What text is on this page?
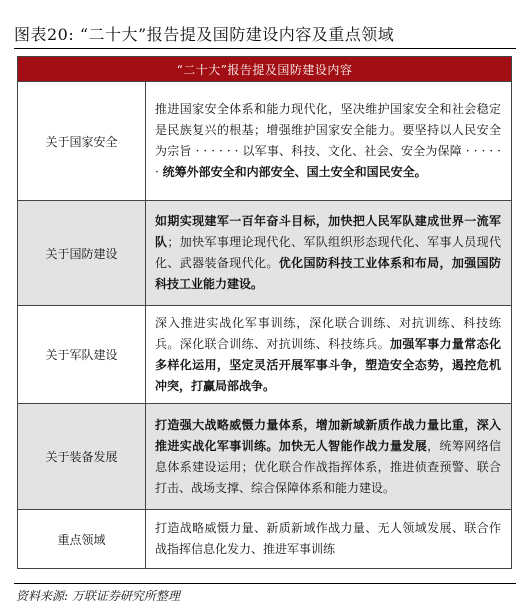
图表20: “二十大”报告提及国防建设内容及重点领域
“二十大”报告提及国防建设内容
关于国家安全

推进国家安全体系和能力现代化，坚决维护国家安全和社会稳定是民族复兴的根基；增强维护国家安全能力。要坚持以人民安全为宗旨 · · · · · · 以军事、科技、文化、社会、安全为保障 · · · · · · 统筹外部安全和内部安全、国土安全和国民安全。

关于国防建设

如期实现建军一百年奋斗目标，加快把人民军队建成世界一流军队；加快军事理论现代化、军队组织形态现代化、军事人员现代化、武器装备现代化。优化国防科技工业体系和布局，加强国防科技工业能力建设。

关于军队建设

深入推进实战化军事训练，深化联合训练、对抗训练、科技练兵。深化联合训练、对抗训练、科技练兵。加强军事力量常态化多样化运用，坚定灵活开展军事斗争，塑造安全态势，遏控危机冲突，打赢局部战争。

关于装备发展

打造强大战略威慑力量体系，增加新域新质作战力量比重，深入推进实战化军事训练。加快无人智能作战力量发展，统筹网络信息体系建设运用；优化联合作战指挥体系，推进侦查预警、联合打击、战场支撑、综合保障体系和能力建设。

重点领域

打造战略威慑力量、新质新域作战力量、无人领域发展、联合作战指挥信息化发力、推进军事训练

资料来源: 万联证券研究所整理
